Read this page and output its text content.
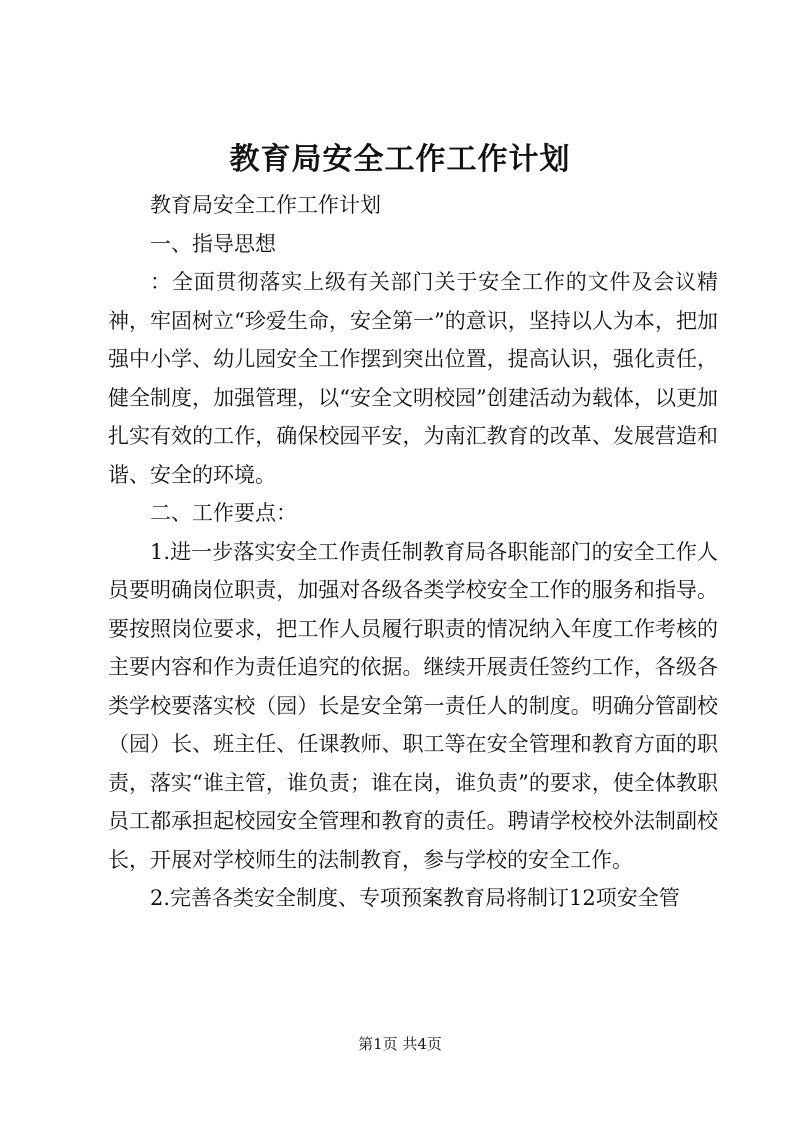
教育局安全工作工作计划

教育局安全工作工作计划

一、指导思想

：全面贯彻落实上级有关部门关于安全工作的文件及会议精神，牢固树立“珍爱生命，安全第一”的意识，坚持以人为本，把加强中小学、幼儿园安全工作摆到突出位置，提高认识，强化责任，健全制度，加强管理，以“安全文明校园”创建活动为载体，以更加扎实有效的工作，确保校园平安，为南汇教育的改革、发展营造和谐、安全的环境。

二、工作要点：

1.进一步落实安全工作责任制教育局各职能部门的安全工作人员要明确岗位职责，加强对各级各类学校安全工作的服务和指导。要按照岗位要求，把工作人员履行职责的情况纳入年度工作考核的主要内容和作为责任追究的依据。继续开展责任签约工作，各级各类学校要落实校（园）长是安全第一责任人的制度。明确分管副校（园）长、班主任、任课教师、职工等在安全管理和教育方面的职责，落实“谁主管，谁负责；谁在岗，谁负责”的要求，使全体教职员工都承担起校园安全管理和教育的责任。聘请学校校外法制副校长，开展对学校师生的法制教育，参与学校的安全工作。

2.完善各类安全制度、专项预案教育局将制订12项安全管

第1页 共4页
